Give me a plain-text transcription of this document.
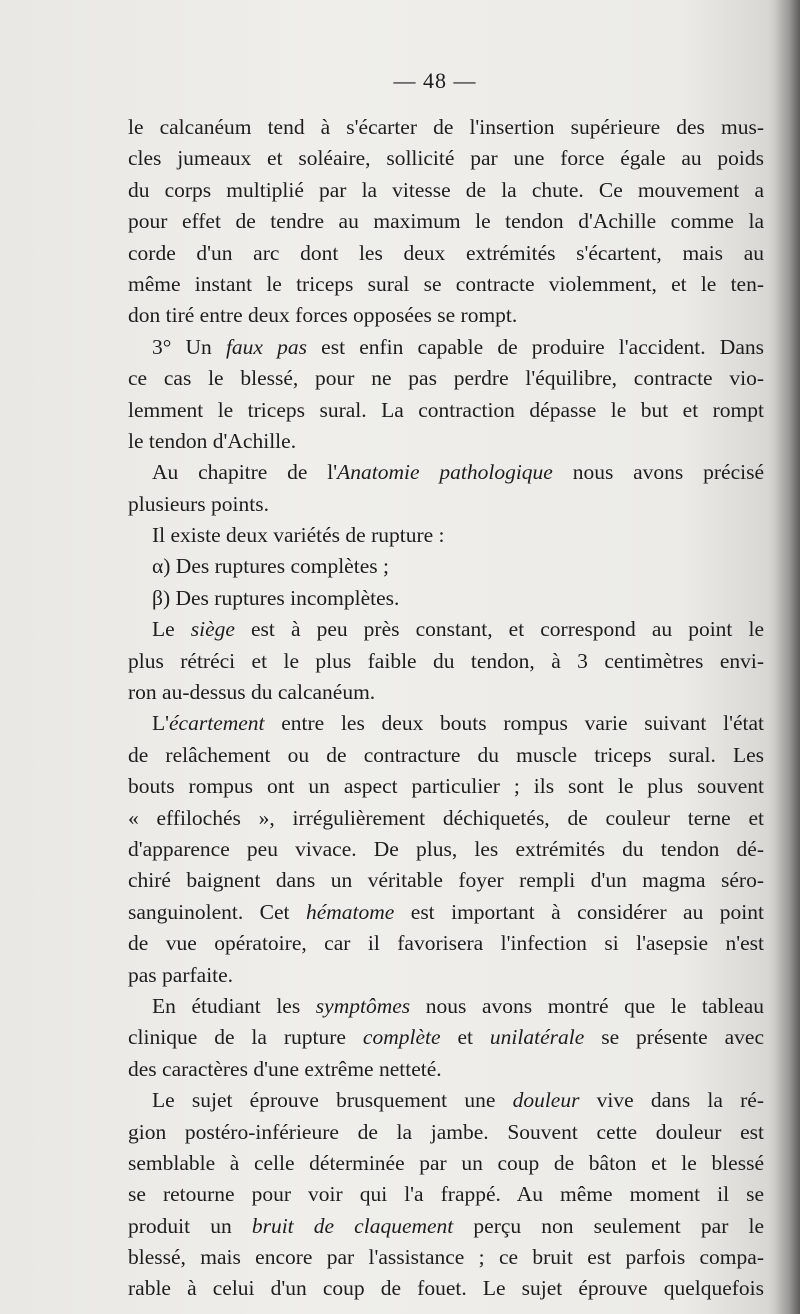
— 48 —
le calcanéum tend à s'écarter de l'insertion supérieure des mus-
cles jumeaux et soléaire, sollicité par une force égale au poids
du corps multiplié par la vitesse de la chute. Ce mouvement a
pour effet de tendre au maximum le tendon d'Achille comme la
corde d'un arc dont les deux extrémités s'écartent, mais au
même instant le triceps sural se contracte violemment, et le ten-
don tiré entre deux forces opposées se rompt.
3° Un faux pas est enfin capable de produire l'accident. Dans
ce cas le blessé, pour ne pas perdre l'équilibre, contracte vio-
lemment le triceps sural. La contraction dépasse le but et rompt
le tendon d'Achille.
Au chapitre de l'Anatomie pathologique nous avons précisé
plusieurs points.
Il existe deux variétés de rupture :
α) Des ruptures complètes ;
β) Des ruptures incomplètes.
Le siège est à peu près constant, et correspond au point le
plus rétréci et le plus faible du tendon, à 3 centimètres envi-
ron au-dessus du calcanéum.
L'écartement entre les deux bouts rompus varie suivant l'état
de relâchement ou de contracture du muscle triceps sural. Les
bouts rompus ont un aspect particulier ; ils sont le plus souvent
« effilochés », irrégulièrement déchiquetés, de couleur terne et
d'apparence peu vivace. De plus, les extrémités du tendon dé-
chiré baignent dans un véritable foyer rempli d'un magma séro-
sanguinolent. Cet hématome est important à considérer au point
de vue opératoire, car il favorisera l'infection si l'asepsie n'est
pas parfaite.
En étudiant les symptômes nous avons montré que le tableau
clinique de la rupture complète et unilatérale se présente avec
des caractères d'une extrême netteté.
Le sujet éprouve brusquement une douleur vive dans la ré-
gion postéro-inférieure de la jambe. Souvent cette douleur est
semblable à celle déterminée par un coup de bâton et le blessé
se retourne pour voir qui l'a frappé. Au même moment il se
produit un bruit de claquement perçu non seulement par le
blessé, mais encore par l'assistance ; ce bruit est parfois compa-
rable à celui d'un coup de fouet. Le sujet éprouve quelquefois
